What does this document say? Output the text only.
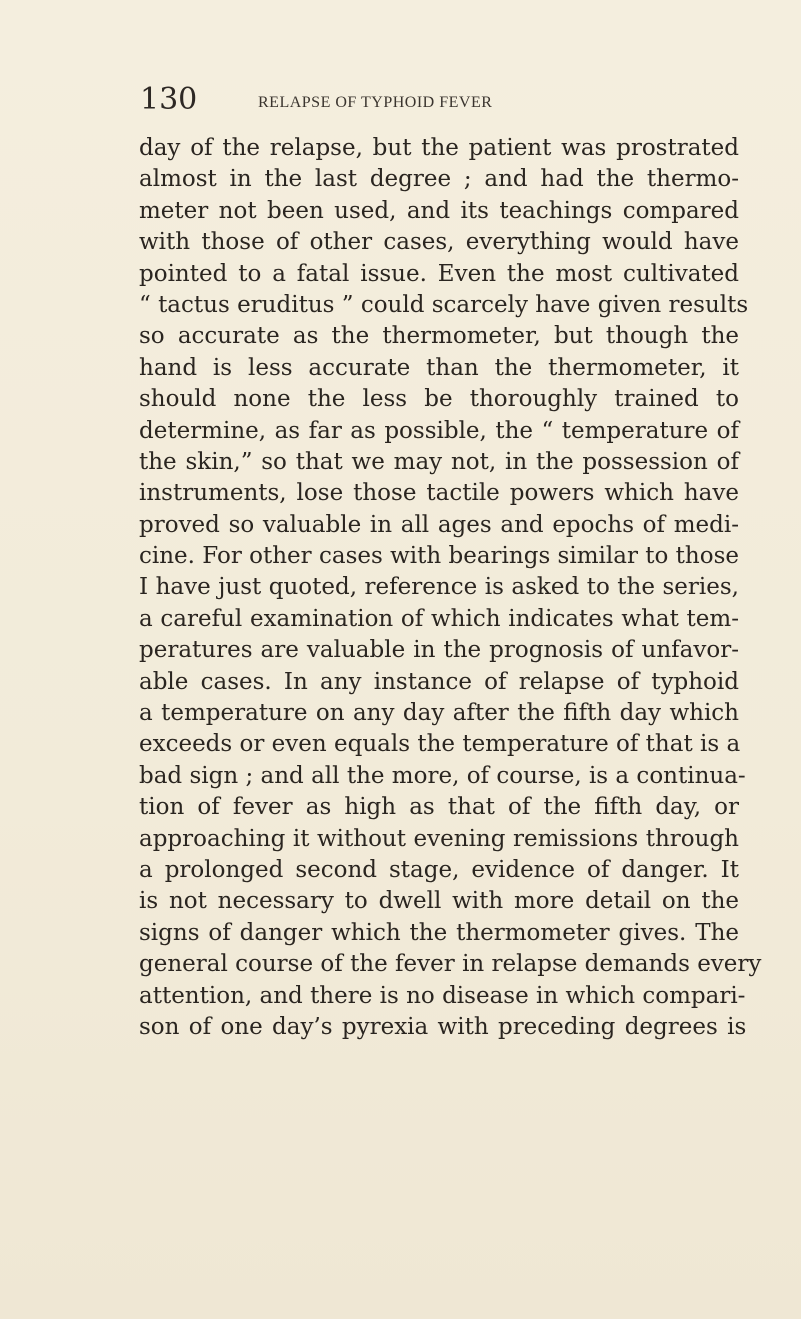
130	RELAPSE OF TYPHOID FEVER
day of the relapse, but the patient was prostrated
almost in the last degree ; and had the thermo-
meter not been used, and its teachings compared
with those of other cases, everything would have
pointed to a fatal issue. Even the most cultivated
“ tactus eruditus ” could scarcely have given results
so accurate as the thermometer, but though the
hand is less accurate than the thermometer, it
should none the less be thoroughly trained to
determine, as far as possible, the “ temperature of
the skin,” so that we may not, in the possession of
instruments, lose those tactile powers which have
proved so valuable in all ages and epochs of medi-
cine. For other cases with bearings similar to those
I have just quoted, reference is asked to the series,
a careful examination of which indicates what tem-
peratures are valuable in the prognosis of unfavor-
able cases. In any instance of relapse of typhoid
a temperature on any day after the fifth day which
exceeds or even equals the temperature of that is a
bad sign ; and all the more, of course, is a continua-
tion of fever as high as that of the fifth day, or
approaching it without evening remissions through
a prolonged second stage, evidence of danger. It
is not necessary to dwell with more detail on the
signs of danger which the thermometer gives. The
general course of the fever in relapse demands every
attention, and there is no disease in which compari-
son of one day’s pyrexia with preceding degrees is
